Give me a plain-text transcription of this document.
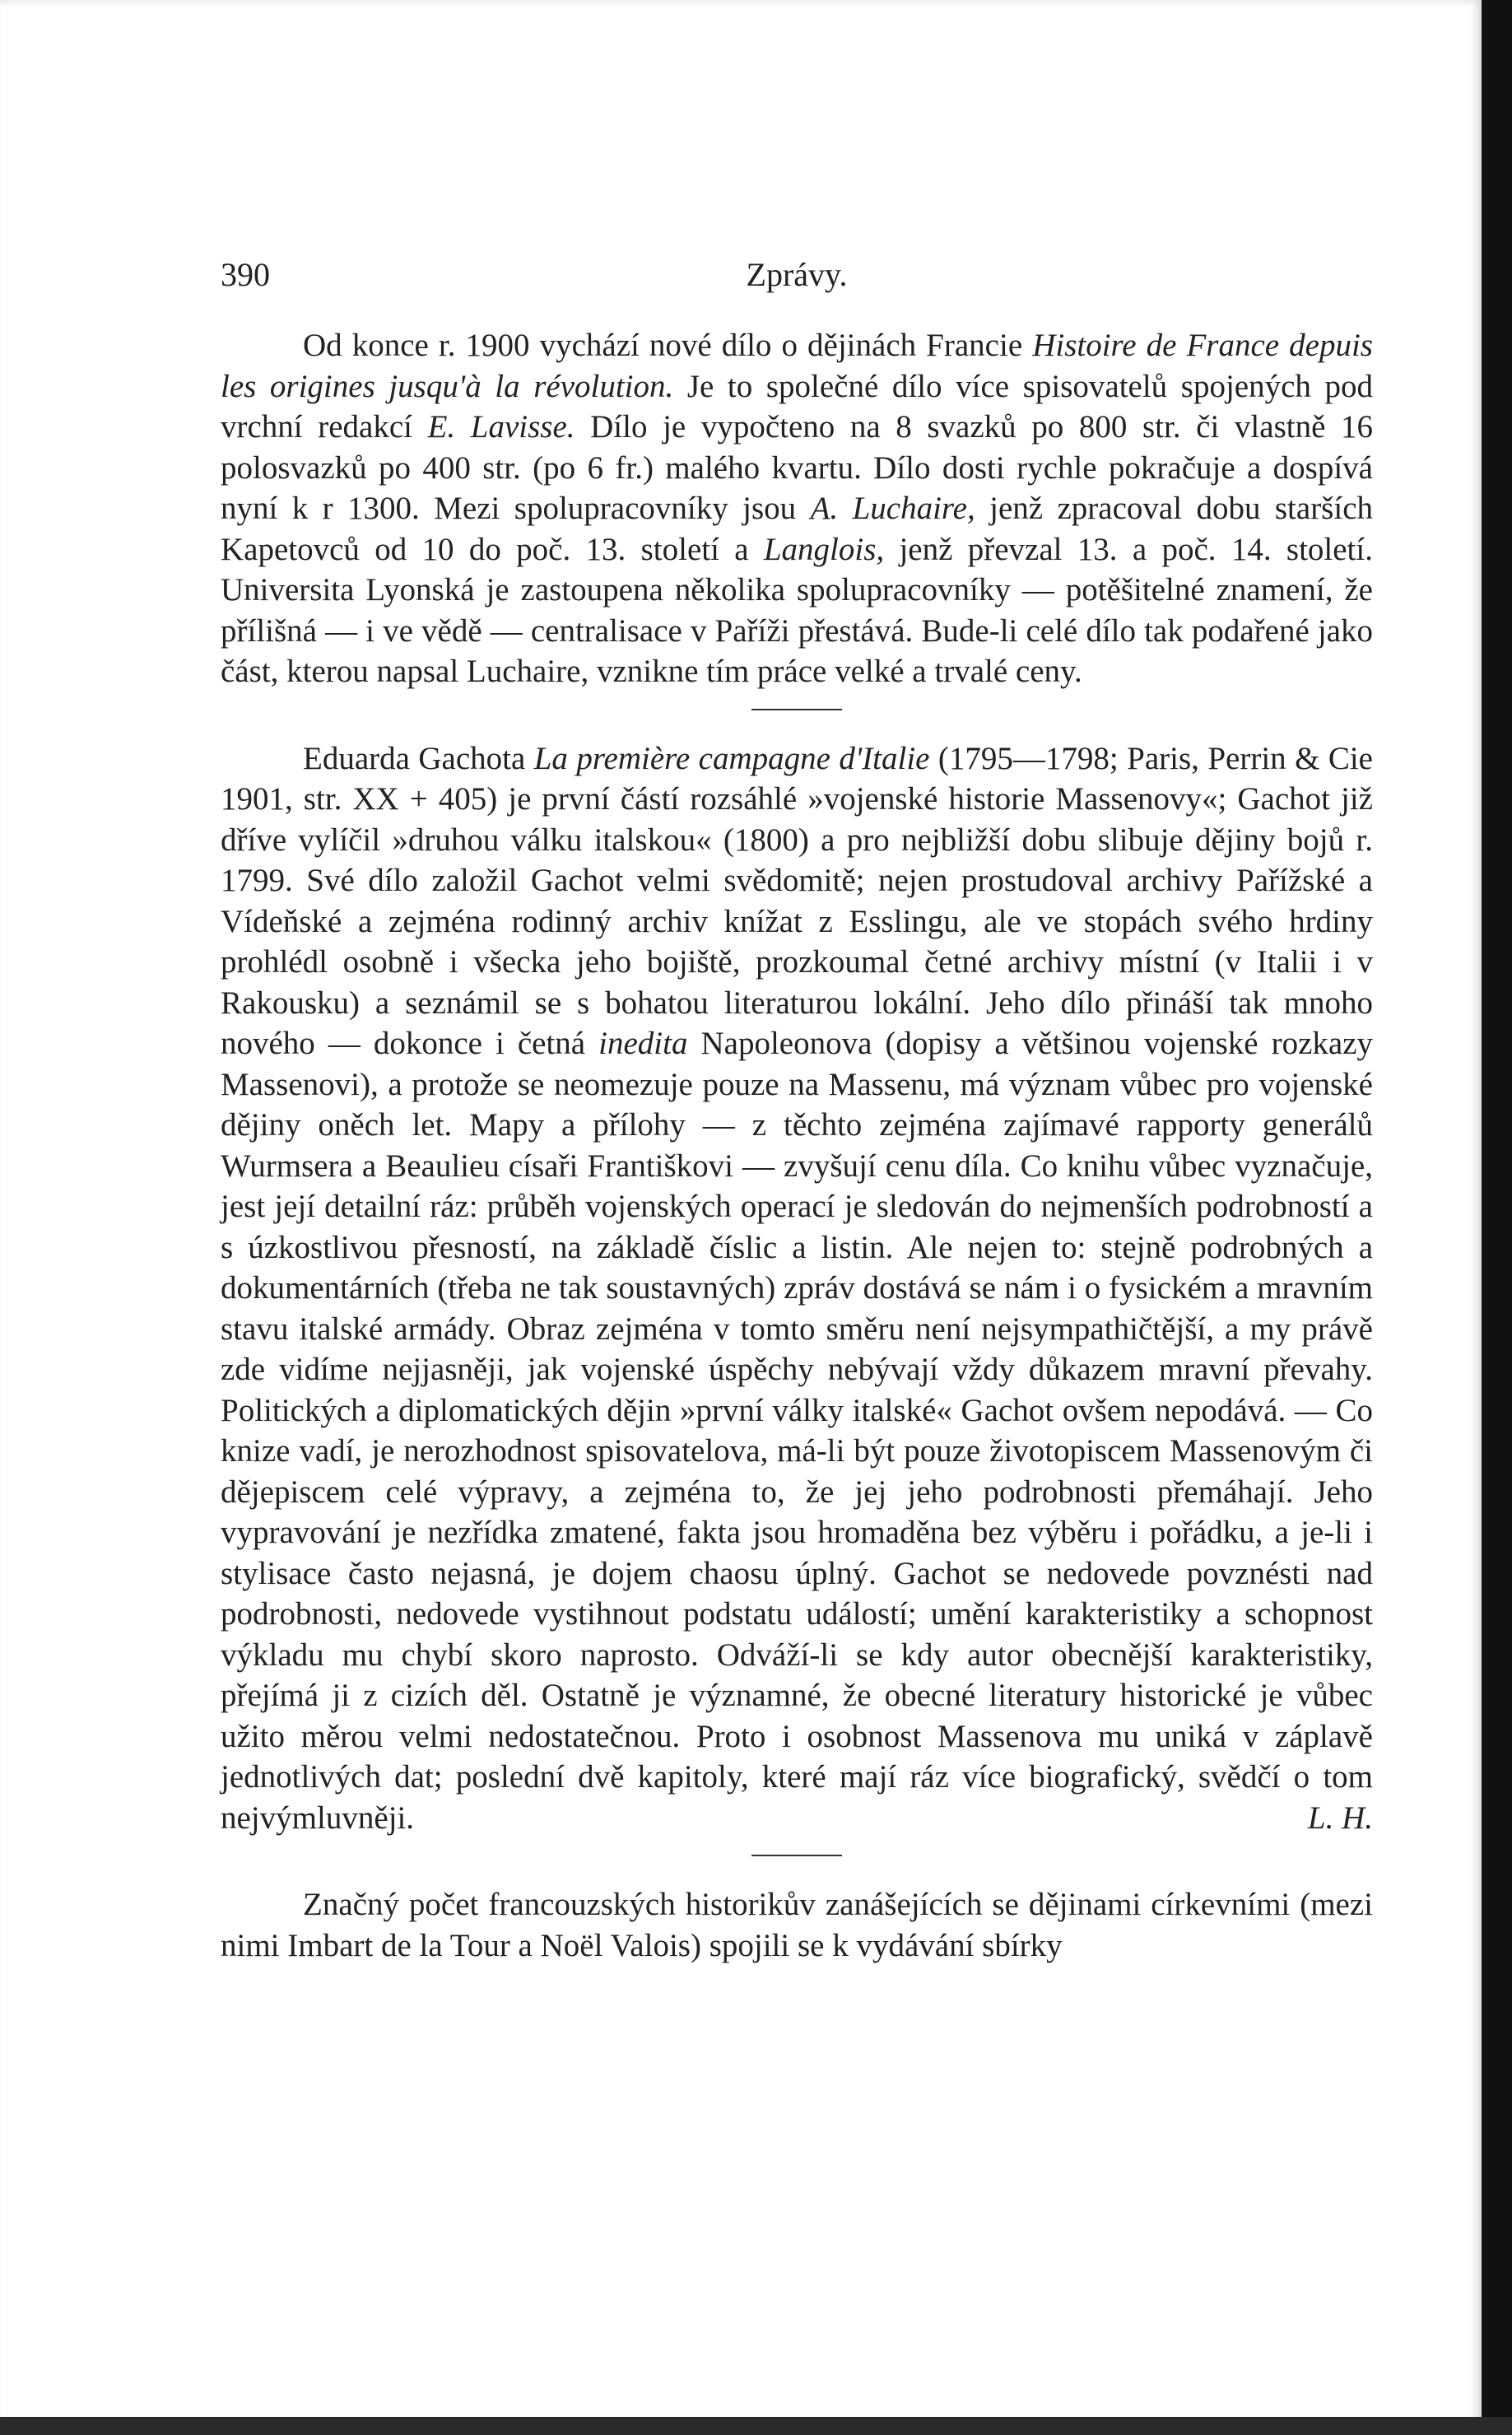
390	Zprávy.

Od konce r. 1900 vychází nové dílo o dějinách Francie Histoire de France depuis les origines jusqu'à la révolution. Je to společné dílo více spisovatelů spojených pod vrchní redakcí E. Lavisse. Dílo je vypočteno na 8 svazků po 800 str. či vlastně 16 polosvazků po 400 str. (po 6 fr.) malého kvartu. Dílo dosti rychle pokračuje a dospívá nyní k r 1300. Mezi spolupracovníky jsou A. Luchaire, jenž zpracoval dobu starších Kapetovců od 10 do poč. 13. století a Langlois, jenž převzal 13. a poč. 14. století. Universita Lyonská je zastoupena několika spolupracovníky — potěšitelné znamení, že přílišná — i ve vědě — centralisace v Paříži přestává. Bude-li celé dílo tak podařené jako část, kterou napsal Luchaire, vznikne tím práce velké a trvalé ceny.

Eduarda Gachota La première campagne d'Italie (1795—1798; Paris, Perrin & Cie 1901, str. XX + 405) je první částí rozsáhlé »vojenské historie Massenovy«; Gachot již dříve vylíčil »druhou válku italskou« (1800) a pro nejbližší dobu slibuje dějiny bojů r. 1799. Své dílo založil Gachot velmi svědomitě; nejen prostudoval archivy Pařížské a Vídeňské a zejména rodinný archiv knížat z Esslingu, ale ve stopách svého hrdiny prohlédl osobně i všecka jeho bojiště, prozkoumal četné archivy místní (v Italii i v Rakousku) a seznámil se s bohatou literaturou lokální. Jeho dílo přináší tak mnoho nového — dokonce i četná inedita Napoleonova (dopisy a většinou vojenské rozkazy Massenovi), a protože se neomezuje pouze na Massenu, má význam vůbec pro vojenské dějiny oněch let. Mapy a přílohy — z těchto zejména zajímavé rapporty generálů Wurmsera a Beaulieu císaři Františkovi — zvyšují cenu díla. Co knihu vůbec vyznačuje, jest její detailní ráz: průběh vojenských operací je sledován do nejmenších podrobností a s úzkostlivou přesností, na základě číslic a listin. Ale nejen to: stejně podrobných a dokumentárních (třeba ne tak soustavných) zpráv dostává se nám i o fysickém a mravním stavu italské armády. Obraz zejména v tomto směru není nejsympathičtější, a my právě zde vidíme nejjasněji, jak vojenské úspěchy nebývají vždy důkazem mravní převahy. Politických a diplomatických dějin »první války italské« Gachot ovšem nepodává. — Co knize vadí, je nerozhodnost spisovatelova, má-li být pouze životopiscem Massenovým či dějepiscem celé výpravy, a zejména to, že jej jeho podrobnosti přemáhají. Jeho vypravování je nezřídka zmatené, fakta jsou hromaděna bez výběru i pořádku, a je-li i stylisace často nejasná, je dojem chaosu úplný. Gachot se nedovede povznésti nad podrobnosti, nedovede vystihnout podstatu událostí; umění karakteristiky a schopnost výkladu mu chybí skoro naprosto. Odváží-li se kdy autor obecnější karakteristiky, přejímá ji z cizích děl. Ostatně je významné, že obecné literatury historické je vůbec užito měrou velmi nedostatečnou. Proto i osobnost Massenova mu uniká v záplavě jednotlivých dat; poslední dvě kapitoly, které mají ráz více biografický, svědčí o tom nejvýmluvněji.	L. H.

Značný počet francouzských historikův zanášejících se dějinami církevními (mezi nimi Imbart de la Tour a Noël Valois) spojili se k vydávání sbírky
